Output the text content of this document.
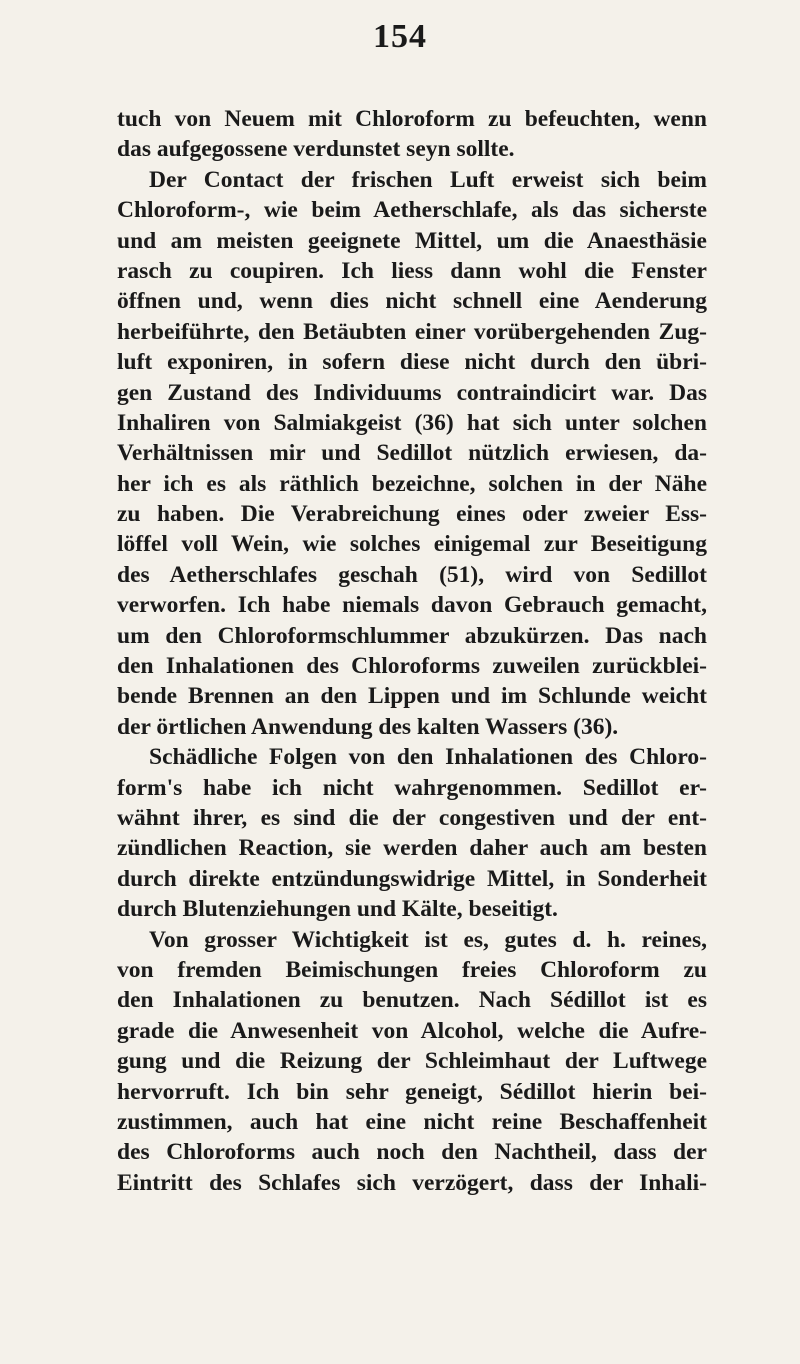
154
tuch von Neuem mit Chloroform zu befeuchten, wenn
das aufgegossene verdunstet seyn sollte.
Der Contact der frischen Luft erweist sich beim
Chloroform-, wie beim Aetherschlafe, als das sicherste
und am meisten geeignete Mittel, um die Anaesthäsie
rasch zu coupiren. Ich liess dann wohl die Fenster
öffnen und, wenn dies nicht schnell eine Aenderung
herbeiführte, den Betäubten einer vorübergehenden Zug-
luft exponiren, in sofern diese nicht durch den übri-
gen Zustand des Individuums contraindicirt war. Das
Inhaliren von Salmiakgeist (36) hat sich unter solchen
Verhältnissen mir und Sedillot nützlich erwiesen, da-
her ich es als räthlich bezeichne, solchen in der Nähe
zu haben. Die Verabreichung eines oder zweier Ess-
löffel voll Wein, wie solches einigemal zur Beseitigung
des Aetherschlafes geschah (51), wird von Sedillot
verworfen. Ich habe niemals davon Gebrauch gemacht,
um den Chloroformschlummer abzukürzen. Das nach
den Inhalationen des Chloroforms zuweilen zurückblei-
bende Brennen an den Lippen und im Schlunde weicht
der örtlichen Anwendung des kalten Wassers (36).
Schädliche Folgen von den Inhalationen des Chloro-
form's habe ich nicht wahrgenommen. Sedillot er-
wähnt ihrer, es sind die der congestiven und der ent-
zündlichen Reaction, sie werden daher auch am besten
durch direkte entzündungswidrige Mittel, in Sonderheit
durch Blutenziehungen und Kälte, beseitigt.
Von grosser Wichtigkeit ist es, gutes d. h. reines,
von fremden Beimischungen freies Chloroform zu
den Inhalationen zu benutzen. Nach Sédillot ist es
grade die Anwesenheit von Alcohol, welche die Aufre-
gung und die Reizung der Schleimhaut der Luftwege
hervorruft. Ich bin sehr geneigt, Sédillot hierin bei-
zustimmen, auch hat eine nicht reine Beschaffenheit
des Chloroforms auch noch den Nachtheil, dass der
Eintritt des Schlafes sich verzögert, dass der Inhali-
